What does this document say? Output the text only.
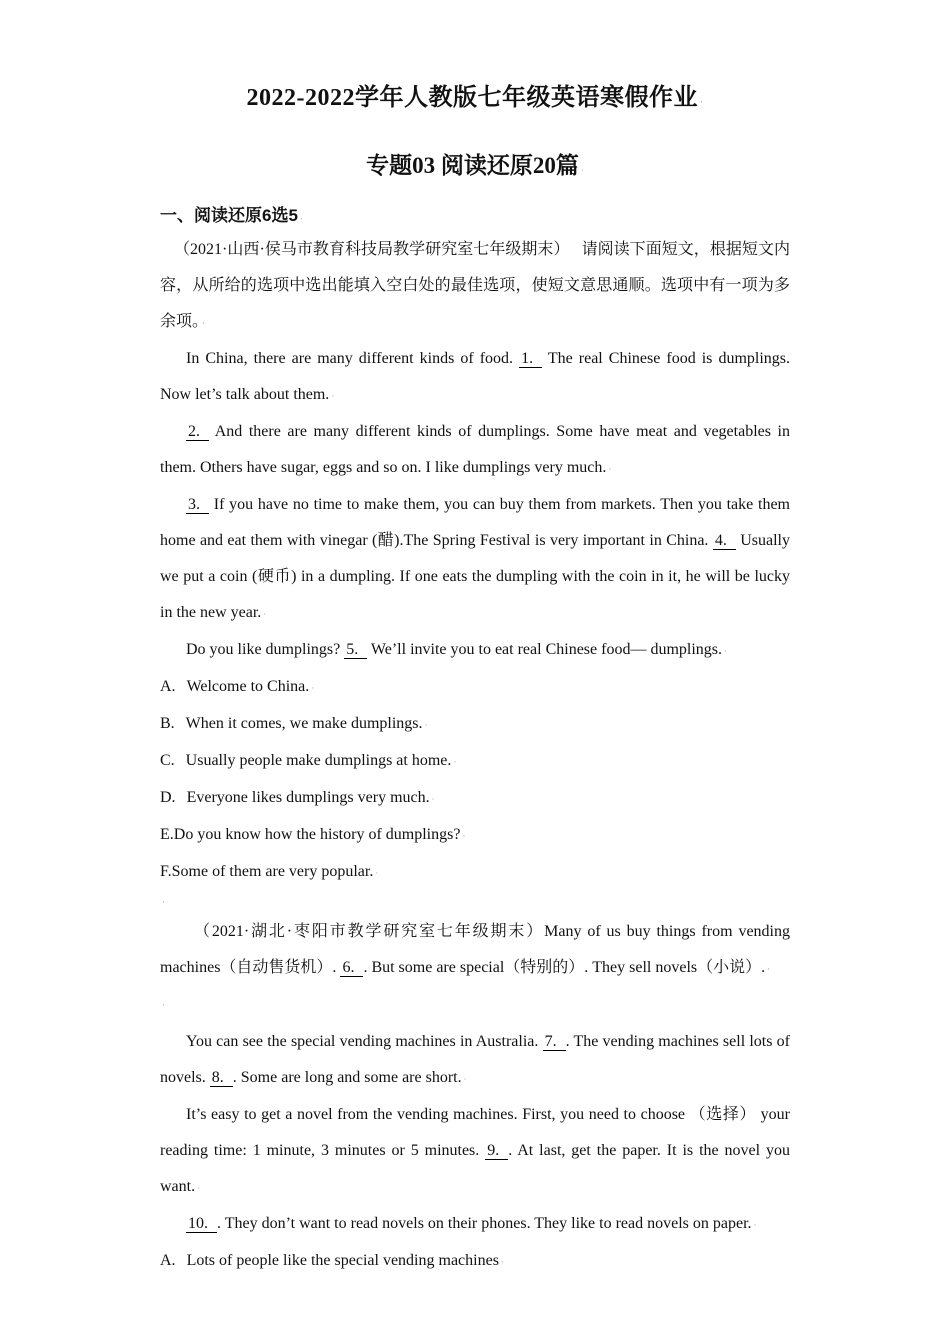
2022-2022学年人教版七年级英语寒假作业 ·
专题03 阅读还原20篇 ·
一、阅读还原6选5 ·
（2021·山西·侯马市教育科技局教学研究室七年级期末）　 请阅读下面短文，根据短文内容，从所给的选项中选出能填入空白处的最佳选项，使短文意思通顺。选项中有一项为多余项。 ·
In China, there are many different kinds of food. 1. The real Chinese food is dumplings. Now let’s talk about them. ·
2. And there are many different kinds of dumplings. Some have meat and vegetables in them. Others have sugar, eggs and so on. I like dumplings very much. ·
3. If you have no time to make them, you can buy them from markets. Then you take them home and eat them with vinegar (醋).The Spring Festival is very important in China. 4. Usually we put a coin (硬币) in a dumpling. If one eats the dumpling with the coin in it, he will be lucky in the new year. ·
Do you like dumplings? 5. We’ll invite you to eat real Chinese food— dumplings. ·
A. Welcome to China. ·
B. When it comes, we make dumplings. ·
C. Usually people make dumplings at home. ·
D. Everyone likes dumplings very much. ·
E.Do you know how the history of dumplings? ·
F.Some of them are very popular. ·
·
（2021·湖北·枣阳市教学研究室七年级期末）Many of us buy things from vending machines（自动售货机）. 6. . But some are special（特别的）. They sell novels（小说）. ·
·
You can see the special vending machines in Australia. 7. . The vending machines sell lots of novels. 8. . Some are long and some are short. ·
It’s easy to get a novel from the vending machines. First, you need to choose （选择） your reading time: 1 minute, 3 minutes or 5 minutes. 9. . At last, get the paper. It is the novel you want. ·
10. . They don’t want to read novels on their phones. They like to read novels on paper. ·
A. Lots of people like the special vending machines ·
